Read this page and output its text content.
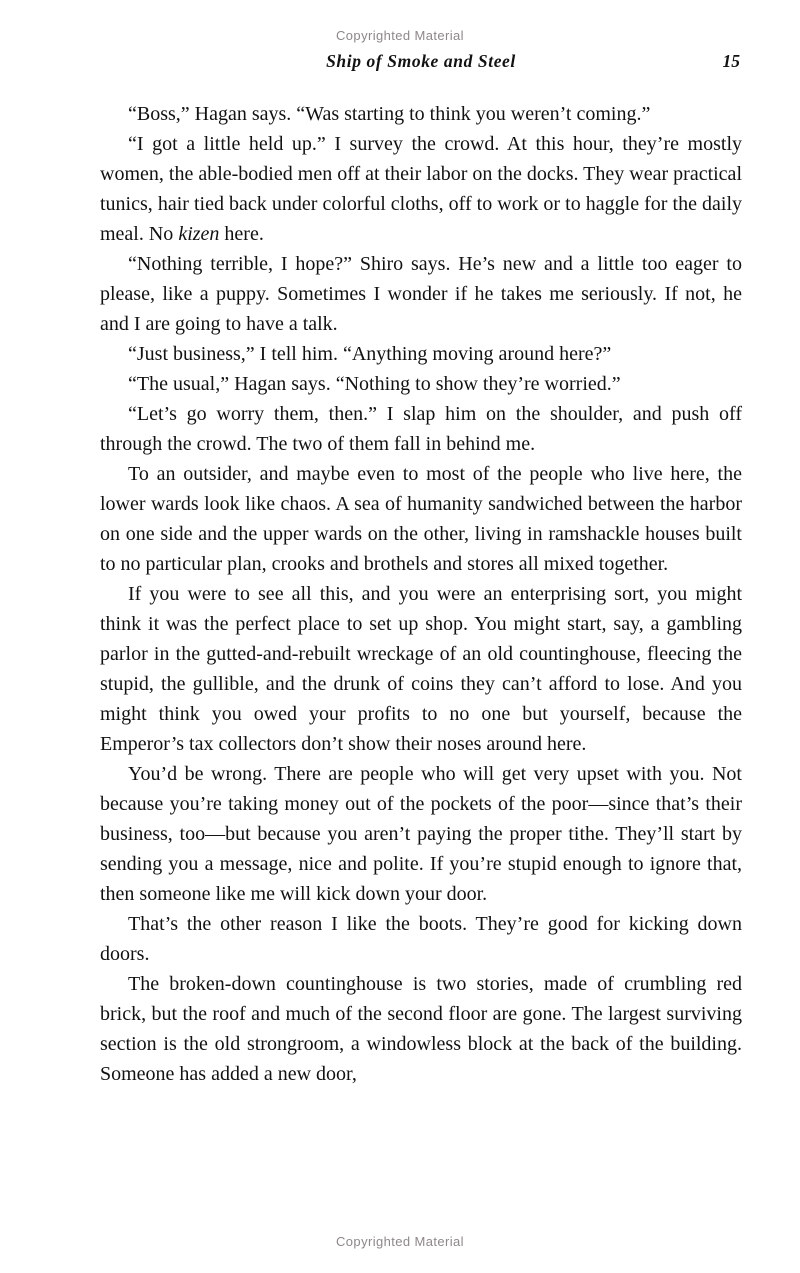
Copyrighted Material
Ship of Smoke and Steel	15

“Boss,” Hagan says. “Was starting to think you weren’t coming.”

“I got a little held up.” I survey the crowd. At this hour, they’re mostly women, the able-bodied men off at their labor on the docks. They wear practical tunics, hair tied back under colorful cloths, off to work or to haggle for the daily meal. No kizen here.

“Nothing terrible, I hope?” Shiro says. He’s new and a little too eager to please, like a puppy. Sometimes I wonder if he takes me seriously. If not, he and I are going to have a talk.

“Just business,” I tell him. “Anything moving around here?”

“The usual,” Hagan says. “Nothing to show they’re worried.”

“Let’s go worry them, then.” I slap him on the shoulder, and push off through the crowd. The two of them fall in behind me.

To an outsider, and maybe even to most of the people who live here, the lower wards look like chaos. A sea of humanity sandwiched between the harbor on one side and the upper wards on the other, living in ramshackle houses built to no particular plan, crooks and brothels and stores all mixed together.

If you were to see all this, and you were an enterprising sort, you might think it was the perfect place to set up shop. You might start, say, a gambling parlor in the gutted-and-rebuilt wreckage of an old countinghouse, fleecing the stupid, the gullible, and the drunk of coins they can’t afford to lose. And you might think you owed your profits to no one but yourself, because the Emperor’s tax collectors don’t show their noses around here.

You’d be wrong. There are people who will get very upset with you. Not because you’re taking money out of the pockets of the poor—since that’s their business, too—but because you aren’t paying the proper tithe. They’ll start by sending you a message, nice and polite. If you’re stupid enough to ignore that, then someone like me will kick down your door.

That’s the other reason I like the boots. They’re good for kicking down doors.

The broken-down countinghouse is two stories, made of crumbling red brick, but the roof and much of the second floor are gone. The largest surviving section is the old strongroom, a windowless block at the back of the building. Someone has added a new door,

Copyrighted Material
